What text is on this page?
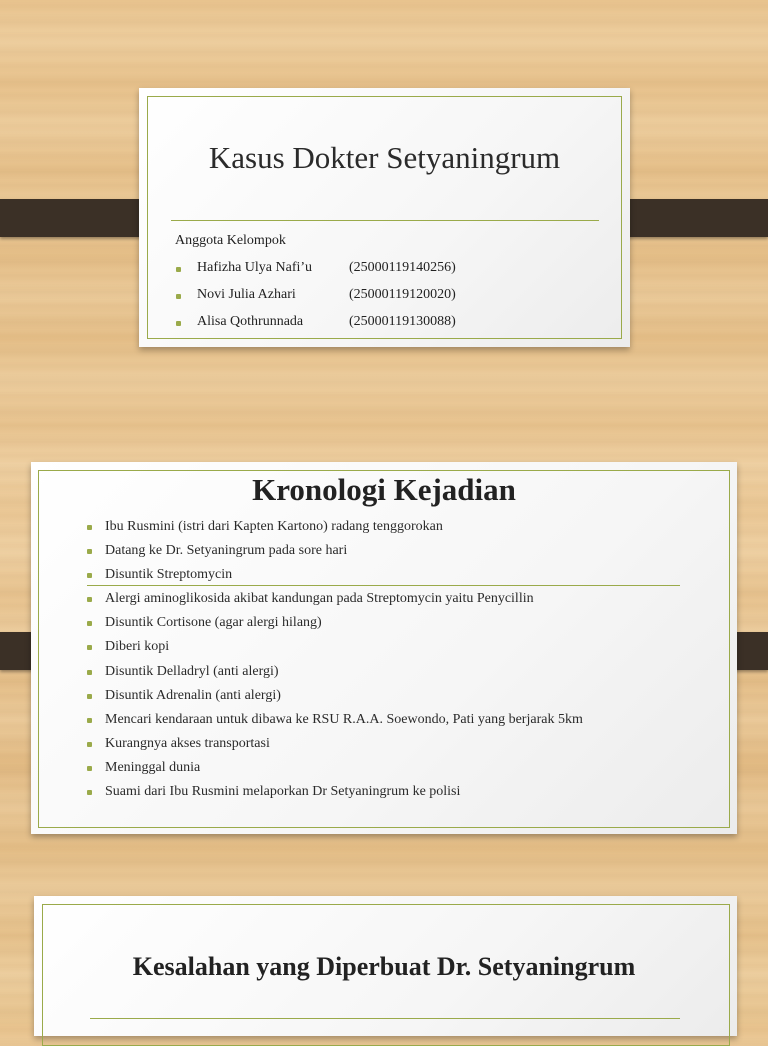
Kasus Dokter Setyaningrum
Anggota Kelompok
Hafizha Ulya Nafi’u	(25000119140256)
Novi Julia Azhari	(25000119120020)
Alisa Qothrunnada	(25000119130088)
Kronologi Kejadian
Ibu Rusmini (istri dari Kapten Kartono) radang tenggorokan
Datang ke Dr. Setyaningrum pada sore hari
Disuntik Streptomycin
Alergi aminoglikosida akibat kandungan pada Streptomycin yaitu Penycillin
Disuntik Cortisone (agar alergi hilang)
Diberi kopi
Disuntik Delladryl (anti alergi)
Disuntik Adrenalin (anti alergi)
Mencari kendaraan untuk dibawa ke RSU R.A.A. Soewondo, Pati yang berjarak 5km
Kurangnya akses transportasi
Meninggal dunia
Suami dari Ibu Rusmini melaporkan Dr Setyaningrum ke polisi
Kesalahan yang Diperbuat Dr. Setyaningrum
